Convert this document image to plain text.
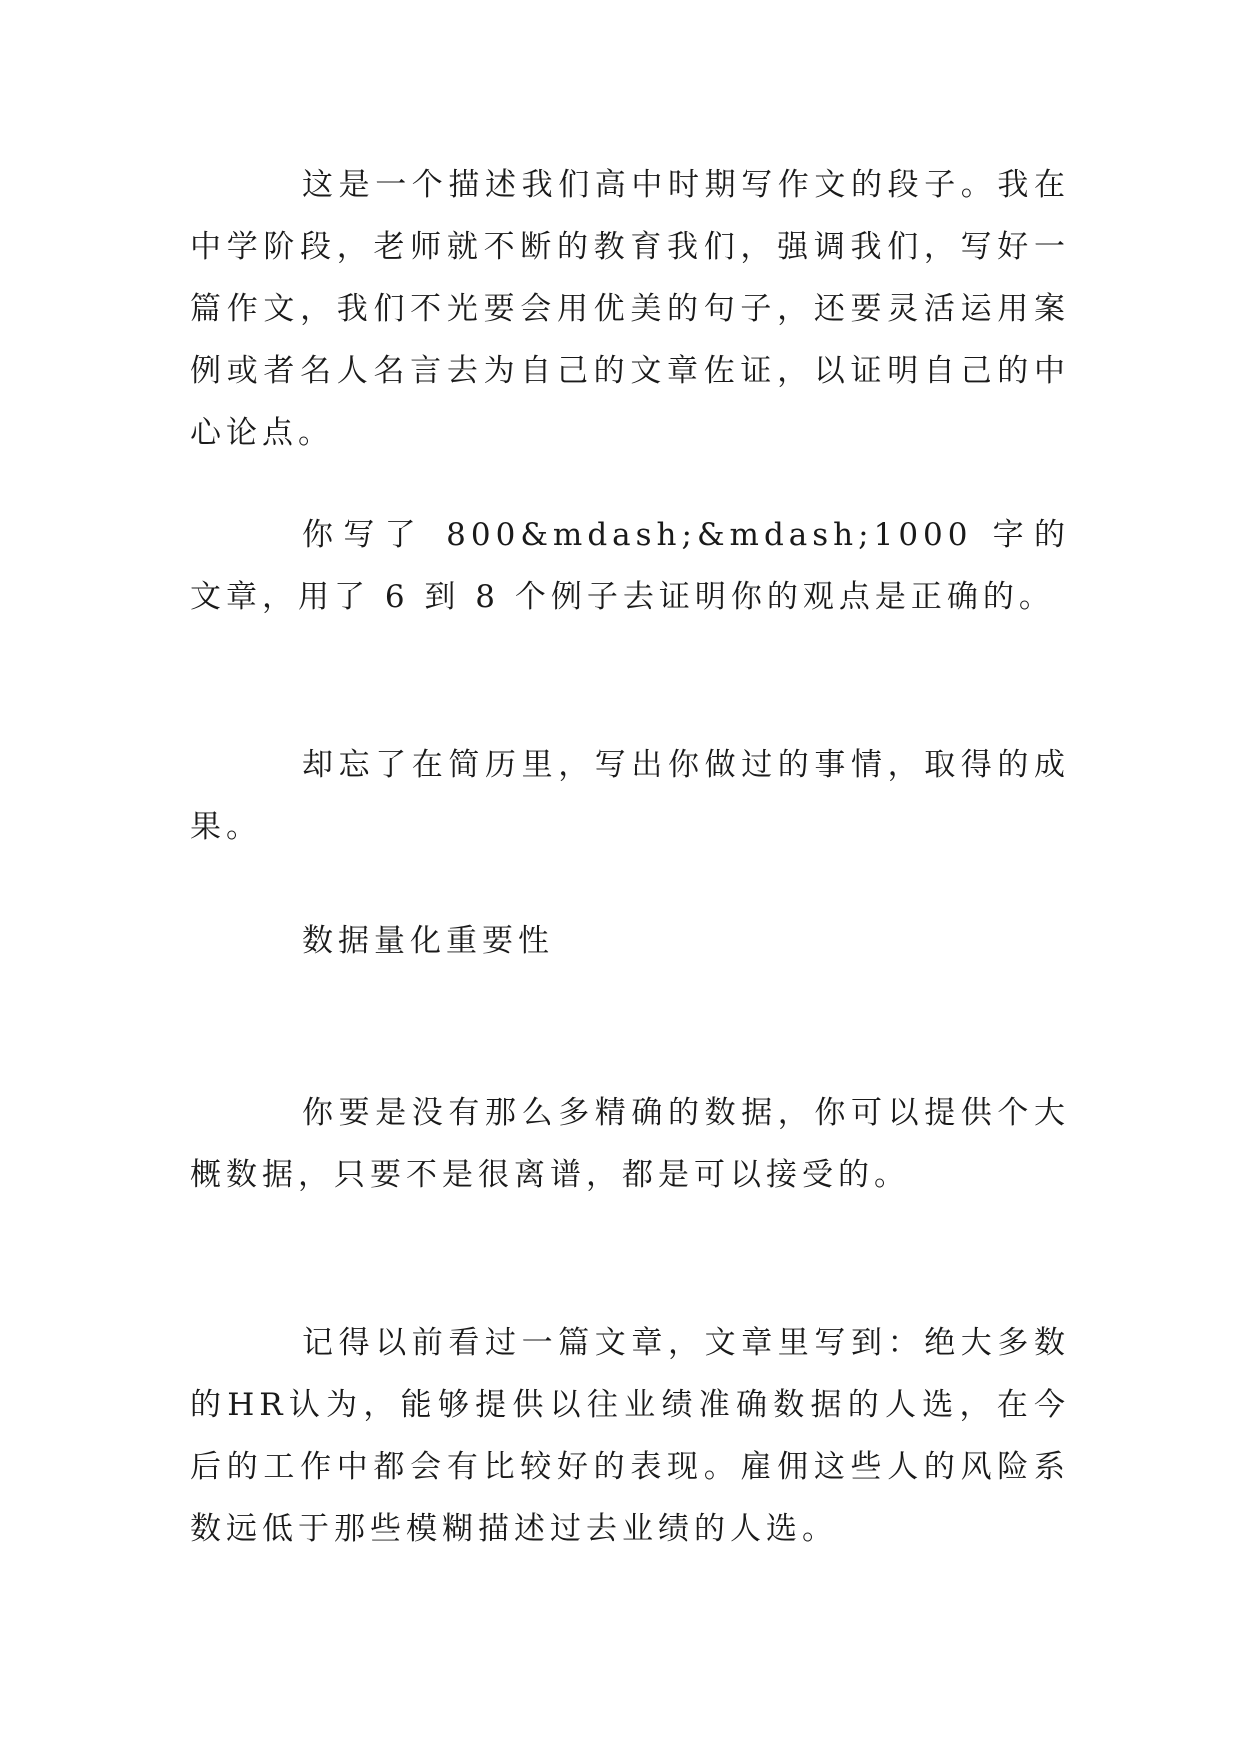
这是一个描述我们高中时期写作文的段子。我在中学阶段，老师就不断的教育我们，强调我们，写好一篇作文，我们不光要会用优美的句子，还要灵活运用案例或者名人名言去为自己的文章佐证，以证明自己的中心论点。

你写了 800&mdash;&mdash;1000 字的文章，用了 6 到 8 个例子去证明你的观点是正确的。

却忘了在简历里，写出你做过的事情，取得的成果。

数据量化重要性

你要是没有那么多精确的数据，你可以提供个大概数据，只要不是很离谱，都是可以接受的。

记得以前看过一篇文章，文章里写到：绝大多数的HR认为，能够提供以往业绩准确数据的人选，在今后的工作中都会有比较好的表现。雇佣这些人的风险系数远低于那些模糊描述过去业绩的人选。
